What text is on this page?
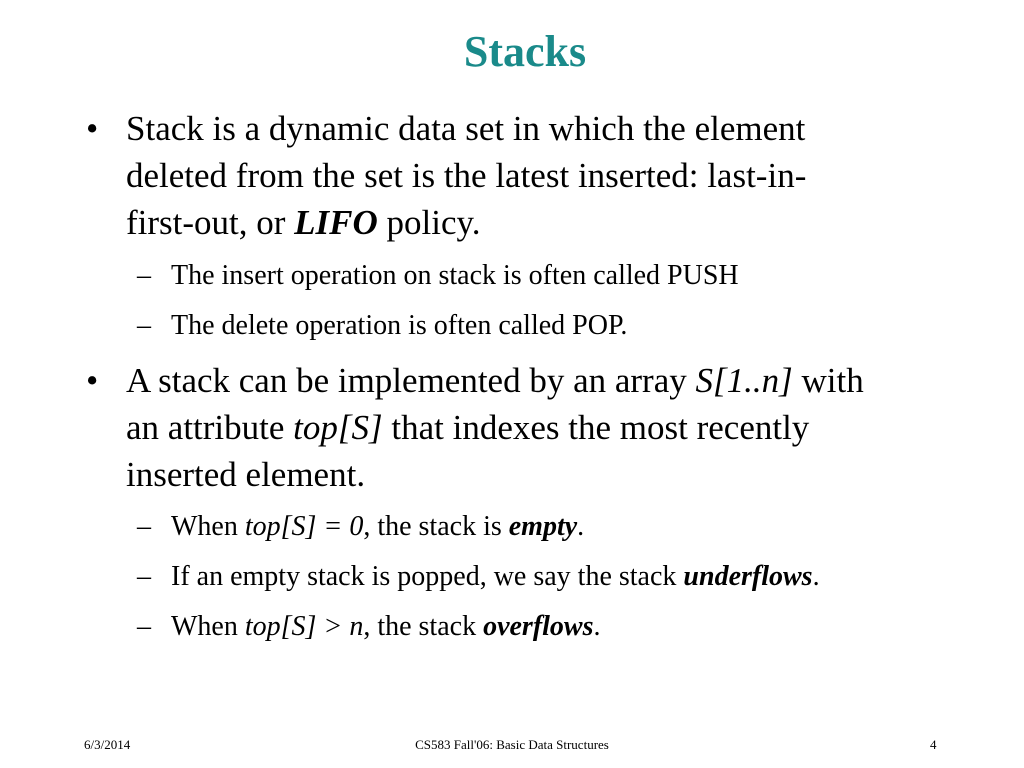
Stacks
• Stack is a dynamic data set in which the element
deleted from the set is the latest inserted: last-in-
first-out, or LIFO policy.
– The insert operation on stack is often called PUSH
– The delete operation is often called POP.
• A stack can be implemented by an array S[1..n] with
an attribute top[S] that indexes the most recently
inserted element.
– When top[S] = 0, the stack is empty.
– If an empty stack is popped, we say the stack underflows.
– When top[S] > n, the stack overflows.
6/3/2014	CS583 Fall'06: Basic Data Structures	4
